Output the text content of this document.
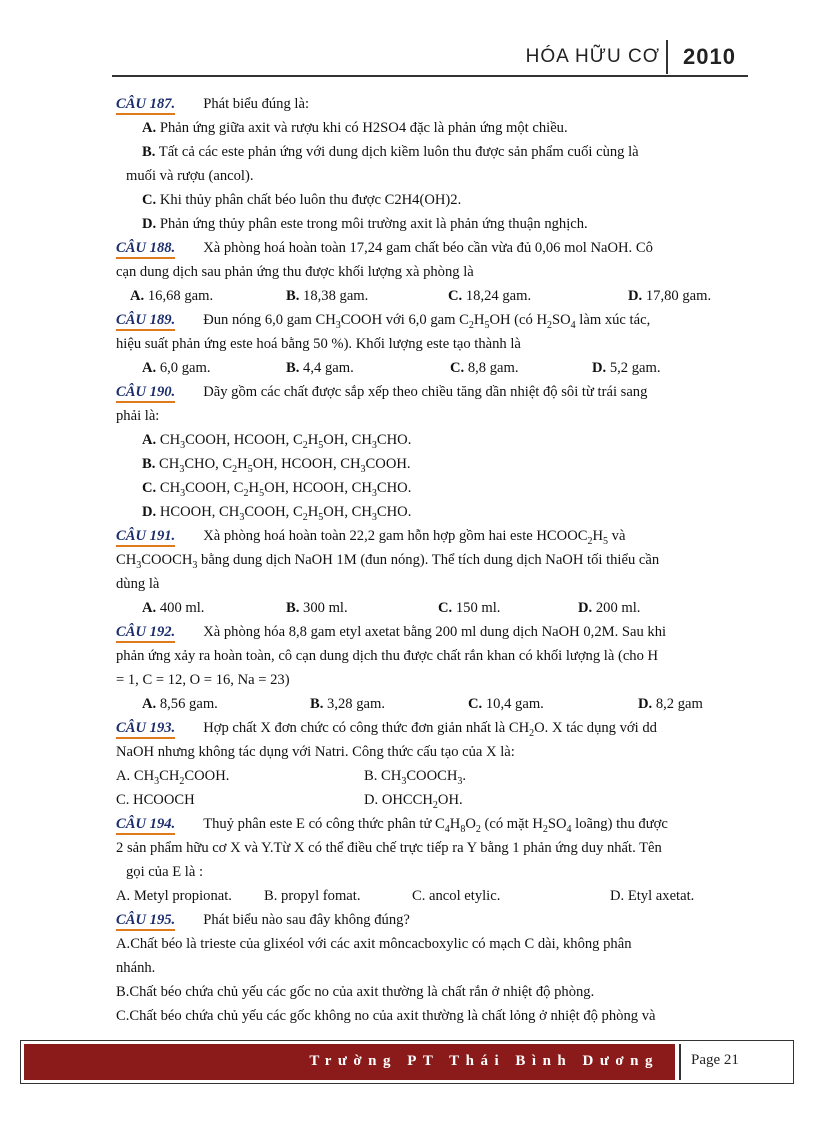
HÓA HỮU CƠ 2010
CÂU 187. Phát biểu đúng là:
A. Phản ứng giữa axit và rượu khi có H2SO4 đặc là phản ứng một chiều.
B. Tất cả các este phản ứng với dung dịch kiềm luôn thu được sản phẩm cuối cùng là
muối và rượu (ancol).
C. Khi thủy phân chất béo luôn thu được C2H4(OH)2.
D. Phản ứng thủy phân este trong môi trường axit là phản ứng thuận nghịch.
CÂU 188. Xà phòng hoá hoàn toàn 17,24 gam chất béo cần vừa đủ 0,06 mol NaOH. Cô
cạn dung dịch sau phản ứng thu được khối lượng xà phòng là
A. 16,68 gam.	B. 18,38 gam.	C. 18,24 gam.	D. 17,80 gam.
CÂU 189. Đun nóng 6,0 gam $CH_3COOH$ với 6,0 gam $C_2H_5OH$ (có $H_2SO_4$ làm xúc tác,
hiệu suất phản ứng este hoá bằng 50 %). Khối lượng este tạo thành là
A. 6,0 gam.	B. 4,4 gam.	C. 8,8 gam.	D. 5,2 gam.
CÂU 190. Dãy gồm các chất được sắp xếp theo chiều tăng dần nhiệt độ sôi từ trái sang
phải là:
A. $CH_3COOH$, HCOOH, $C_2H_5OH$, $CH_3CHO$.
B. $CH_3CHO$, $C_2H_5OH$, HCOOH, $CH_3COOH$.
C. $CH_3COOH$, $C_2H_5OH$, HCOOH, $CH_3CHO$.
D. HCOOH, $CH_3COOH$, $C_2H_5OH$, $CH_3CHO$.
CÂU 191. Xà phòng hoá hoàn toàn 22,2 gam hỗn hợp gồm hai este $HCOOC_2H_5$ và
$CH_3COOCH_3$ bằng dung dịch NaOH 1M (đun nóng). Thể tích dung dịch NaOH tối thiểu cần
dùng là
A. 400 ml.	B. 300 ml.	C. 150 ml.	D. 200 ml.
CÂU 192. Xà phòng hóa 8,8 gam etyl axetat bằng 200 ml dung dịch NaOH 0,2M. Sau khi
phản ứng xảy ra hoàn toàn, cô cạn dung dịch thu được chất rắn khan có khối lượng là (cho H
= 1, C = 12, O = 16, Na = 23)
A. 8,56 gam.	B. 3,28 gam.	C. 10,4 gam.	D. 8,2 gam
CÂU 193. Hợp chất X đơn chức có công thức đơn giản nhất là $CH_2O$. X tác dụng với dd
NaOH nhưng không tác dụng với Natri. Công thức cấu tạo của X là:
A. $CH_3CH_2COOH$.	B. $CH_3COOCH_3$.
C. HCOOCH	D. $OHCCH_2OH$.
CÂU 194. Thuỷ phân este E có công thức phân tử $C_4H_8O_2$ (có mặt $H_2SO_4$ loãng) thu được
2 sản phẩm hữu cơ X và Y.Từ X có thể điều chế trực tiếp ra Y bằng 1 phản ứng duy nhất. Tên
gọi của E là :
A. Metyl propionat.	B. propyl fomat.	C. ancol etylic.	D. Etyl axetat.
CÂU 195. Phát biểu nào sau đây không đúng?
A.Chất béo là trieste của glixéol với các axit môncacboxylic có mạch C dài, không phân
nhánh.
B.Chất béo chứa chủ yếu các gốc no của axit thường là chất rắn ở nhiệt độ phòng.
C.Chất béo chứa chủ yếu các gốc không no của axit thường là chất lỏng ở nhiệt độ phòng và
Trường PT Thái Bình Dương Page 21
